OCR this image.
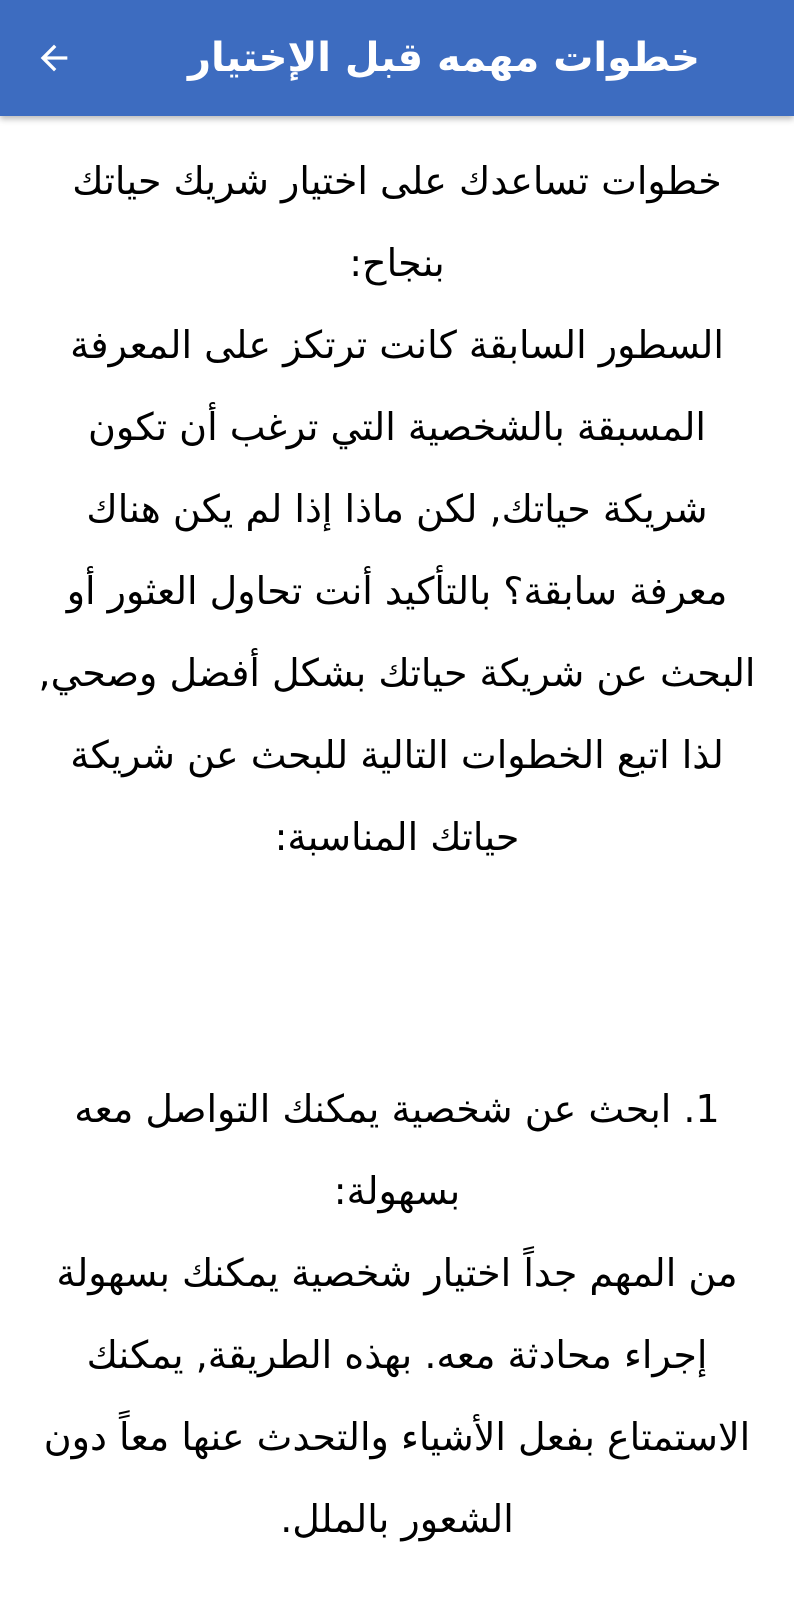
خطوات مهمه قبل الإختيار

خطوات تساعدك على اختيار شريك حياتك بنجاح:

السطور السابقة كانت ترتكز على المعرفة المسبقة بالشخصية التي ترغب أن تكون شريكة حياتك, لكن ماذا إذا لم يكن هناك معرفة سابقة؟ بالتأكيد أنت تحاول العثور أو البحث عن شريكة حياتك بشكل أفضل وصحي, لذا اتبع الخطوات التالية للبحث عن شريكة حياتك المناسبة:

1. ابحث عن شخصية يمكنك التواصل معه بسهولة:

من المهم جداً اختيار شخصية يمكنك بسهولة إجراء محادثة معه. بهذه الطريقة, يمكنك الاستمتاع بفعل الأشياء والتحدث عنها معاً دون الشعور بالملل.
